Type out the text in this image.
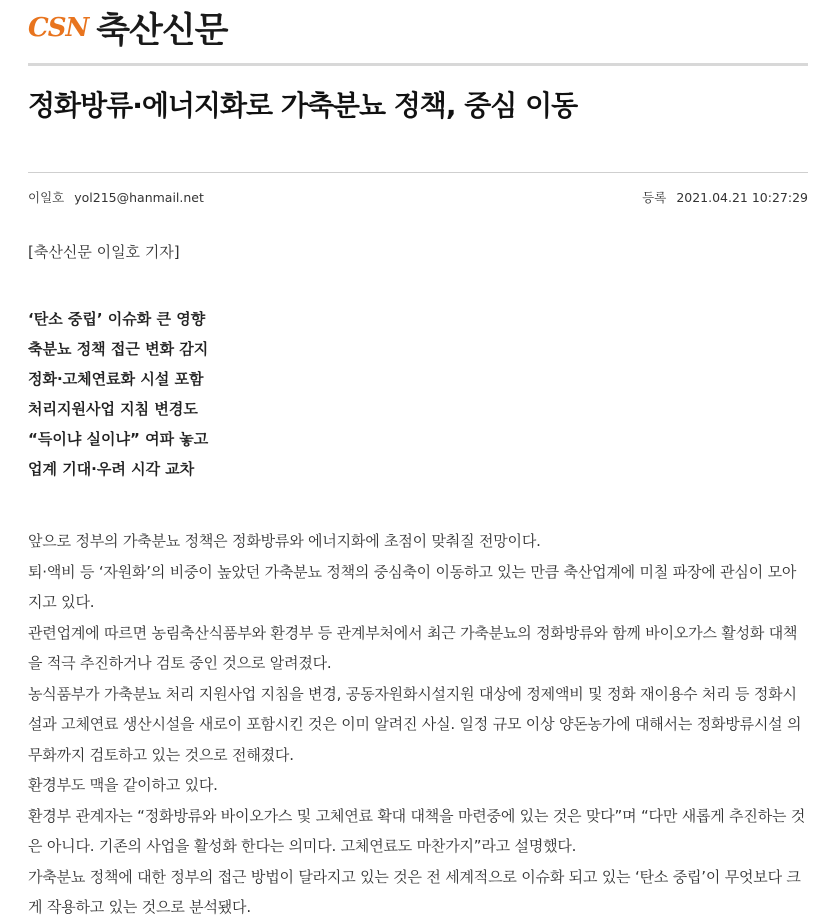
CSN 축산신문
정화방류·에너지화로 가축분뇨 정책, 중심 이동
이일호 yol215@hanmail.net	등록 2021.04.21 10:27:29

[축산신문 이일호 기자]

‘탄소 중립’ 이슈화 큰 영향
축분뇨 정책 접근 변화 감지
정화·고체연료화 시설 포함
처리지원사업 지침 변경도
“득이냐 실이냐” 여파 놓고
업계 기대·우려 시각 교차

앞으로 정부의 가축분뇨 정책은 정화방류와 에너지화에 초점이 맞춰질 전망이다.

퇴·액비 등 ‘자원화’의 비중이 높았던 가축분뇨 정책의 중심축이 이동하고 있는 만큼 축산업계에 미칠 파장에 관심이 모아지고 있다.

관련업계에 따르면 농림축산식품부와 환경부 등 관계부처에서 최근 가축분뇨의 정화방류와 함께 바이오가스 활성화 대책을 적극 추진하거나 검토 중인 것으로 알려졌다.

농식품부가 가축분뇨 처리 지원사업 지침을 변경, 공동자원화시설지원 대상에 정제액비 및 정화 재이용수 처리 등 정화시설과 고체연료 생산시설을 새로이 포함시킨 것은 이미 알려진 사실. 일정 규모 이상 양돈농가에 대해서는 정화방류시설 의무화까지 검토하고 있는 것으로 전해졌다.

환경부도 맥을 같이하고 있다.

환경부 관계자는 “정화방류와 바이오가스 및 고체연료 확대 대책을 마련중에 있는 것은 맞다”며 “다만 새롭게 추진하는 것은 아니다. 기존의 사업을 활성화 한다는 의미다. 고체연료도 마찬가지”라고 설명했다.

가축분뇨 정책에 대한 정부의 접근 방법이 달라지고 있는 것은 전 세계적으로 이슈화 되고 있는 ‘탄소 중립’이 무엇보다 크게 작용하고 있는 것으로 분석됐다.
